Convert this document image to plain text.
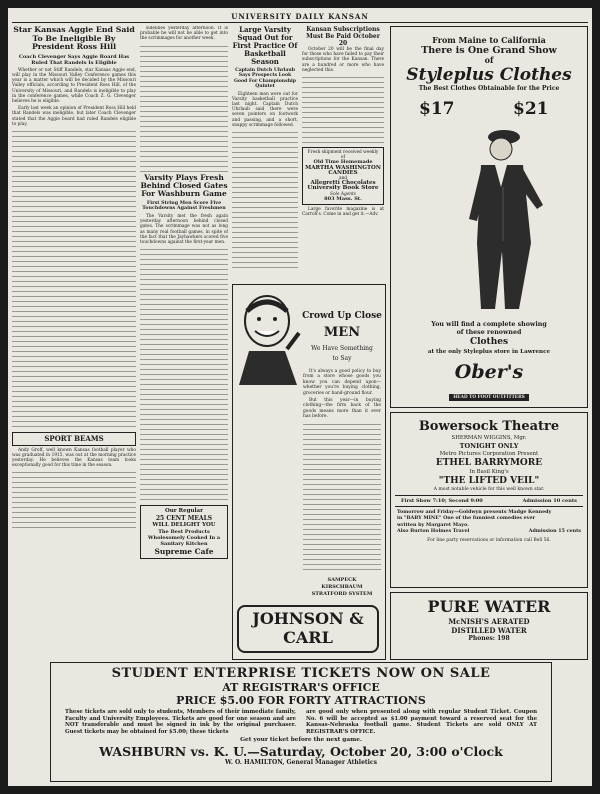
UNIVERSITY DAILY KANSAN

Star Kansas Aggie End Said To Be Ineligible By President Ross Hill

Coach Clevenger Says Aggie Board Has Ruled That Randels Is Eligible

Whether or not Stiff Randels, star Kansas Aggie end, will play in the Missouri Valley Conference games this year is a matter which will be decided by the Missouri Valley officials, according to President Ross Hill, of the University of Missouri, and Randels is ineligible to play in the conference games, while Coach Z. G. Clevenger believes he is eligible.

Early last week an opinion of President Ross Hill held that Randels was ineligible, but later Coach Clevenger stated that the Aggie board had ruled Randels eligible to play.

SPORT BEAMS

Andy Groff, well known Kansas football player who was graduated in 1915, was out at the morning practice yesterday. He believes the Kansas team looks exceptionally good for this time in the season.

sidelines yesterday afternoon. It is probable he will not be able to get into the scrimmages for another week.

Varsity Plays Fresh Behind Closed Gates For Washburn Game

First String Men Score Five Touchdowns Against Freshmen

The Varsity met the fresh again yesterday afternoon behind closed gates. The scrimmage was not as long as many real football games, in spite of the fact that the Jayhawkers scored five touchdowns against the first-year men.

Our Regular
25 CENT MEALS
WILL DELIGHT YOU
The Best Products Wholesomely Cooked In a Sanitary Kitchen
Supreme Cafe

Large Varsity Squad Out for First Practice Of Basketball Season

Captain Dutch Uhrlaub Says Prospects Look Good For Championship Quintet

Eighteen men were out for Varsity basketball practice last night. Captain Dutch Uhrlaub said there were seven pointers on footwork and passing, and a short, snappy scrimmage followed.

Kansan Subscriptions Must Be Paid October 20

October 20 will be the final day for those who have failed to pay their subscriptions for the Kansan. There are a hundred or more who have neglected this.

Fresh shipment received weekly of
Old Time Homemade
MARTHA WASHINGTON CANDIES
and
Allegretti Chocolates
University Book Store
Sole Agents
803 Mass. St.

Large favorite magazine is at Carroll's. Come in and get it.—Adv.

From Maine to California
There is One Grand Show
of
Styleplus Clothes
The Best Clothes Obtainable for the Price
$17	$21
You will find a complete showing
of these renowned
Clothes
at the only Styleplus store in Lawrence
Ober's
HEAD TO FOOT OUTFITTERS
Crowd Up Close
MEN
We Have Something
to Say

It's always a good policy to buy from a store whose goods you know you can depend upon—whether you're buying clothing, groceries or hand-ground flour.

But this year—in buying clothing—the firm back of the goods means more than it ever has before.

SAMPECK
KIRSCHBAUM
STRATFORD SYSTEM
JOHNSON & CARL
Bowersock Theatre
SHERMAN WIGGINS, Mgr.
TONIGHT ONLY
Metro Pictures Corporation Present
ETHEL BARRYMORE
In Basil King's
"THE LIFTED VEIL"
A most notable vehicle for this well known star.
First Show 7:10; Second 9:00	Admission 10 cents
Tomorrow and Friday—Goldwyn presents Madge Kennedy
in "BABY MINE" One of the funniest comedies ever
written by Margaret Mayo.
Also Burton Holmes Travel	Admission 15 cents
For line party reservations or information call Bell 56.
PURE WATER
McNISH'S AERATED
DISTILLED WATER
Phones: 198
STUDENT ENTERPRISE TICKETS NOW ON SALE
AT REGISTRAR'S OFFICE
PRICE $5.00 FOR FORTY ATTRACTIONS
These tickets are sold only to students, Members of their immediate family, Faculty and University Employees. Tickets are good for one season and are NOT transferable and must be signed in ink by the original purchaser. Guest tickets may be obtained for $5.00; these tickets
are good only when presented along with regular Student Ticket. Coupon No. 6 will be accepted as $1.00 payment toward a reserved seat for the Kansas-Nebraska football game. Student Tickets are sold ONLY AT REGISTRAR'S OFFICE.
Get your ticket before the next game.
WASHBURN vs. K. U.—Saturday, October 20, 3:00 o'Clock
W. O. HAMILTON, General Manager Athletics
